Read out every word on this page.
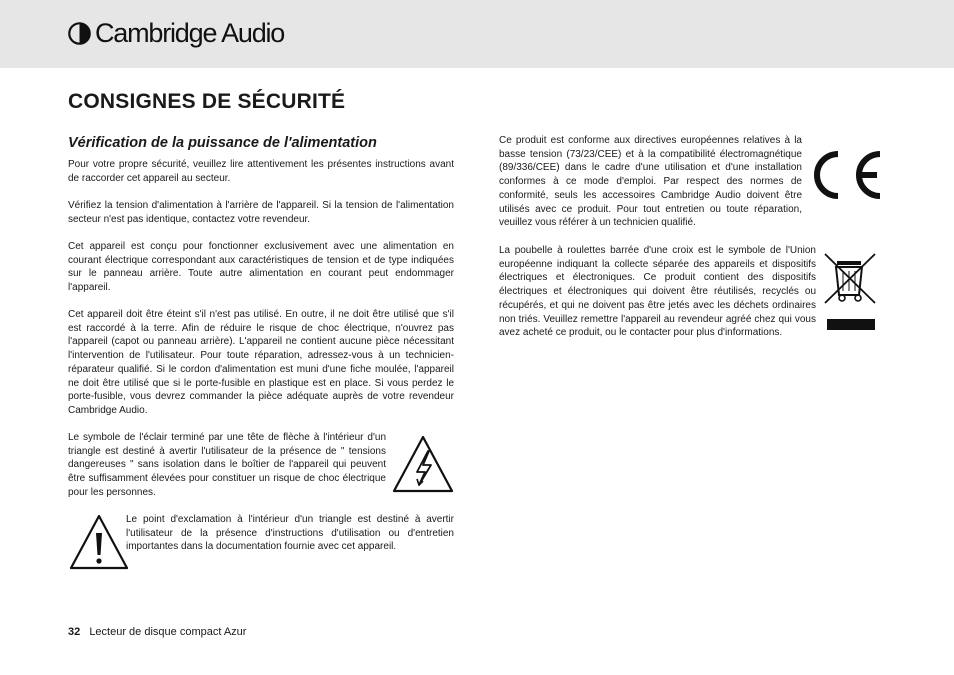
Cambridge Audio
CONSIGNES DE SÉCURITÉ
Vérification de la puissance de l'alimentation

Pour votre propre sécurité, veuillez lire attentivement les présentes instructions avant de raccorder cet appareil au secteur.

Vérifiez la tension d'alimentation à l'arrière de l'appareil. Si la tension de l'alimentation secteur n'est pas identique, contactez votre revendeur.

Cet appareil est conçu pour fonctionner exclusivement avec une alimentation en courant électrique correspondant aux caractéristiques de tension et de type indiquées sur le panneau arrière. Toute autre alimentation en courant peut endommager l'appareil.

Cet appareil doit être éteint s'il n'est pas utilisé. En outre, il ne doit être utilisé que s'il est raccordé à la terre. Afin de réduire le risque de choc électrique, n'ouvrez pas l'appareil (capot ou panneau arrière). L'appareil ne contient aucune pièce nécessitant l'intervention de l'utilisateur. Pour toute réparation, adressez-vous à un technicien-réparateur qualifié. Si le cordon d'alimentation est muni d'une fiche moulée, l'appareil ne doit être utilisé que si le porte-fusible en plastique est en place. Si vous perdez le porte-fusible, vous devrez commander la pièce adéquate auprès de votre revendeur Cambridge Audio.

Le symbole de l'éclair terminé par une tête de flèche à l'intérieur d'un triangle est destiné à avertir l'utilisateur de la présence de " tensions dangereuses " sans isolation dans le boîtier de l'appareil qui peuvent être suffisamment élevées pour constituer un risque de choc électrique pour les personnes.

Le point d'exclamation à l'intérieur d'un triangle est destiné à avertir l'utilisateur de la présence d'instructions d'utilisation ou d'entretien importantes dans la documentation fournie avec cet appareil.

Ce produit est conforme aux directives européennes relatives à la basse tension (73/23/CEE) et à la compatibilité électromagnétique (89/336/CEE) dans le cadre d'une utilisation et d'une installation conformes à ce mode d'emploi. Par respect des normes de conformité, seuls les accessoires Cambridge Audio doivent être utilisés avec ce produit. Pour tout entretien ou toute réparation, veuillez vous référer à un technicien qualifié.

La poubelle à roulettes barrée d'une croix est le symbole de l'Union européenne indiquant la collecte séparée des appareils et dispositifs électriques et électroniques. Ce produit contient des dispositifs électriques et électroniques qui doivent être réutilisés, recyclés ou récupérés, et qui ne doivent pas être jetés avec les déchets ordinaires non triés. Veuillez remettre l'appareil au revendeur agréé chez qui vous avez acheté ce produit, ou le contacter pour plus d'informations.

32 Lecteur de disque compact Azur
